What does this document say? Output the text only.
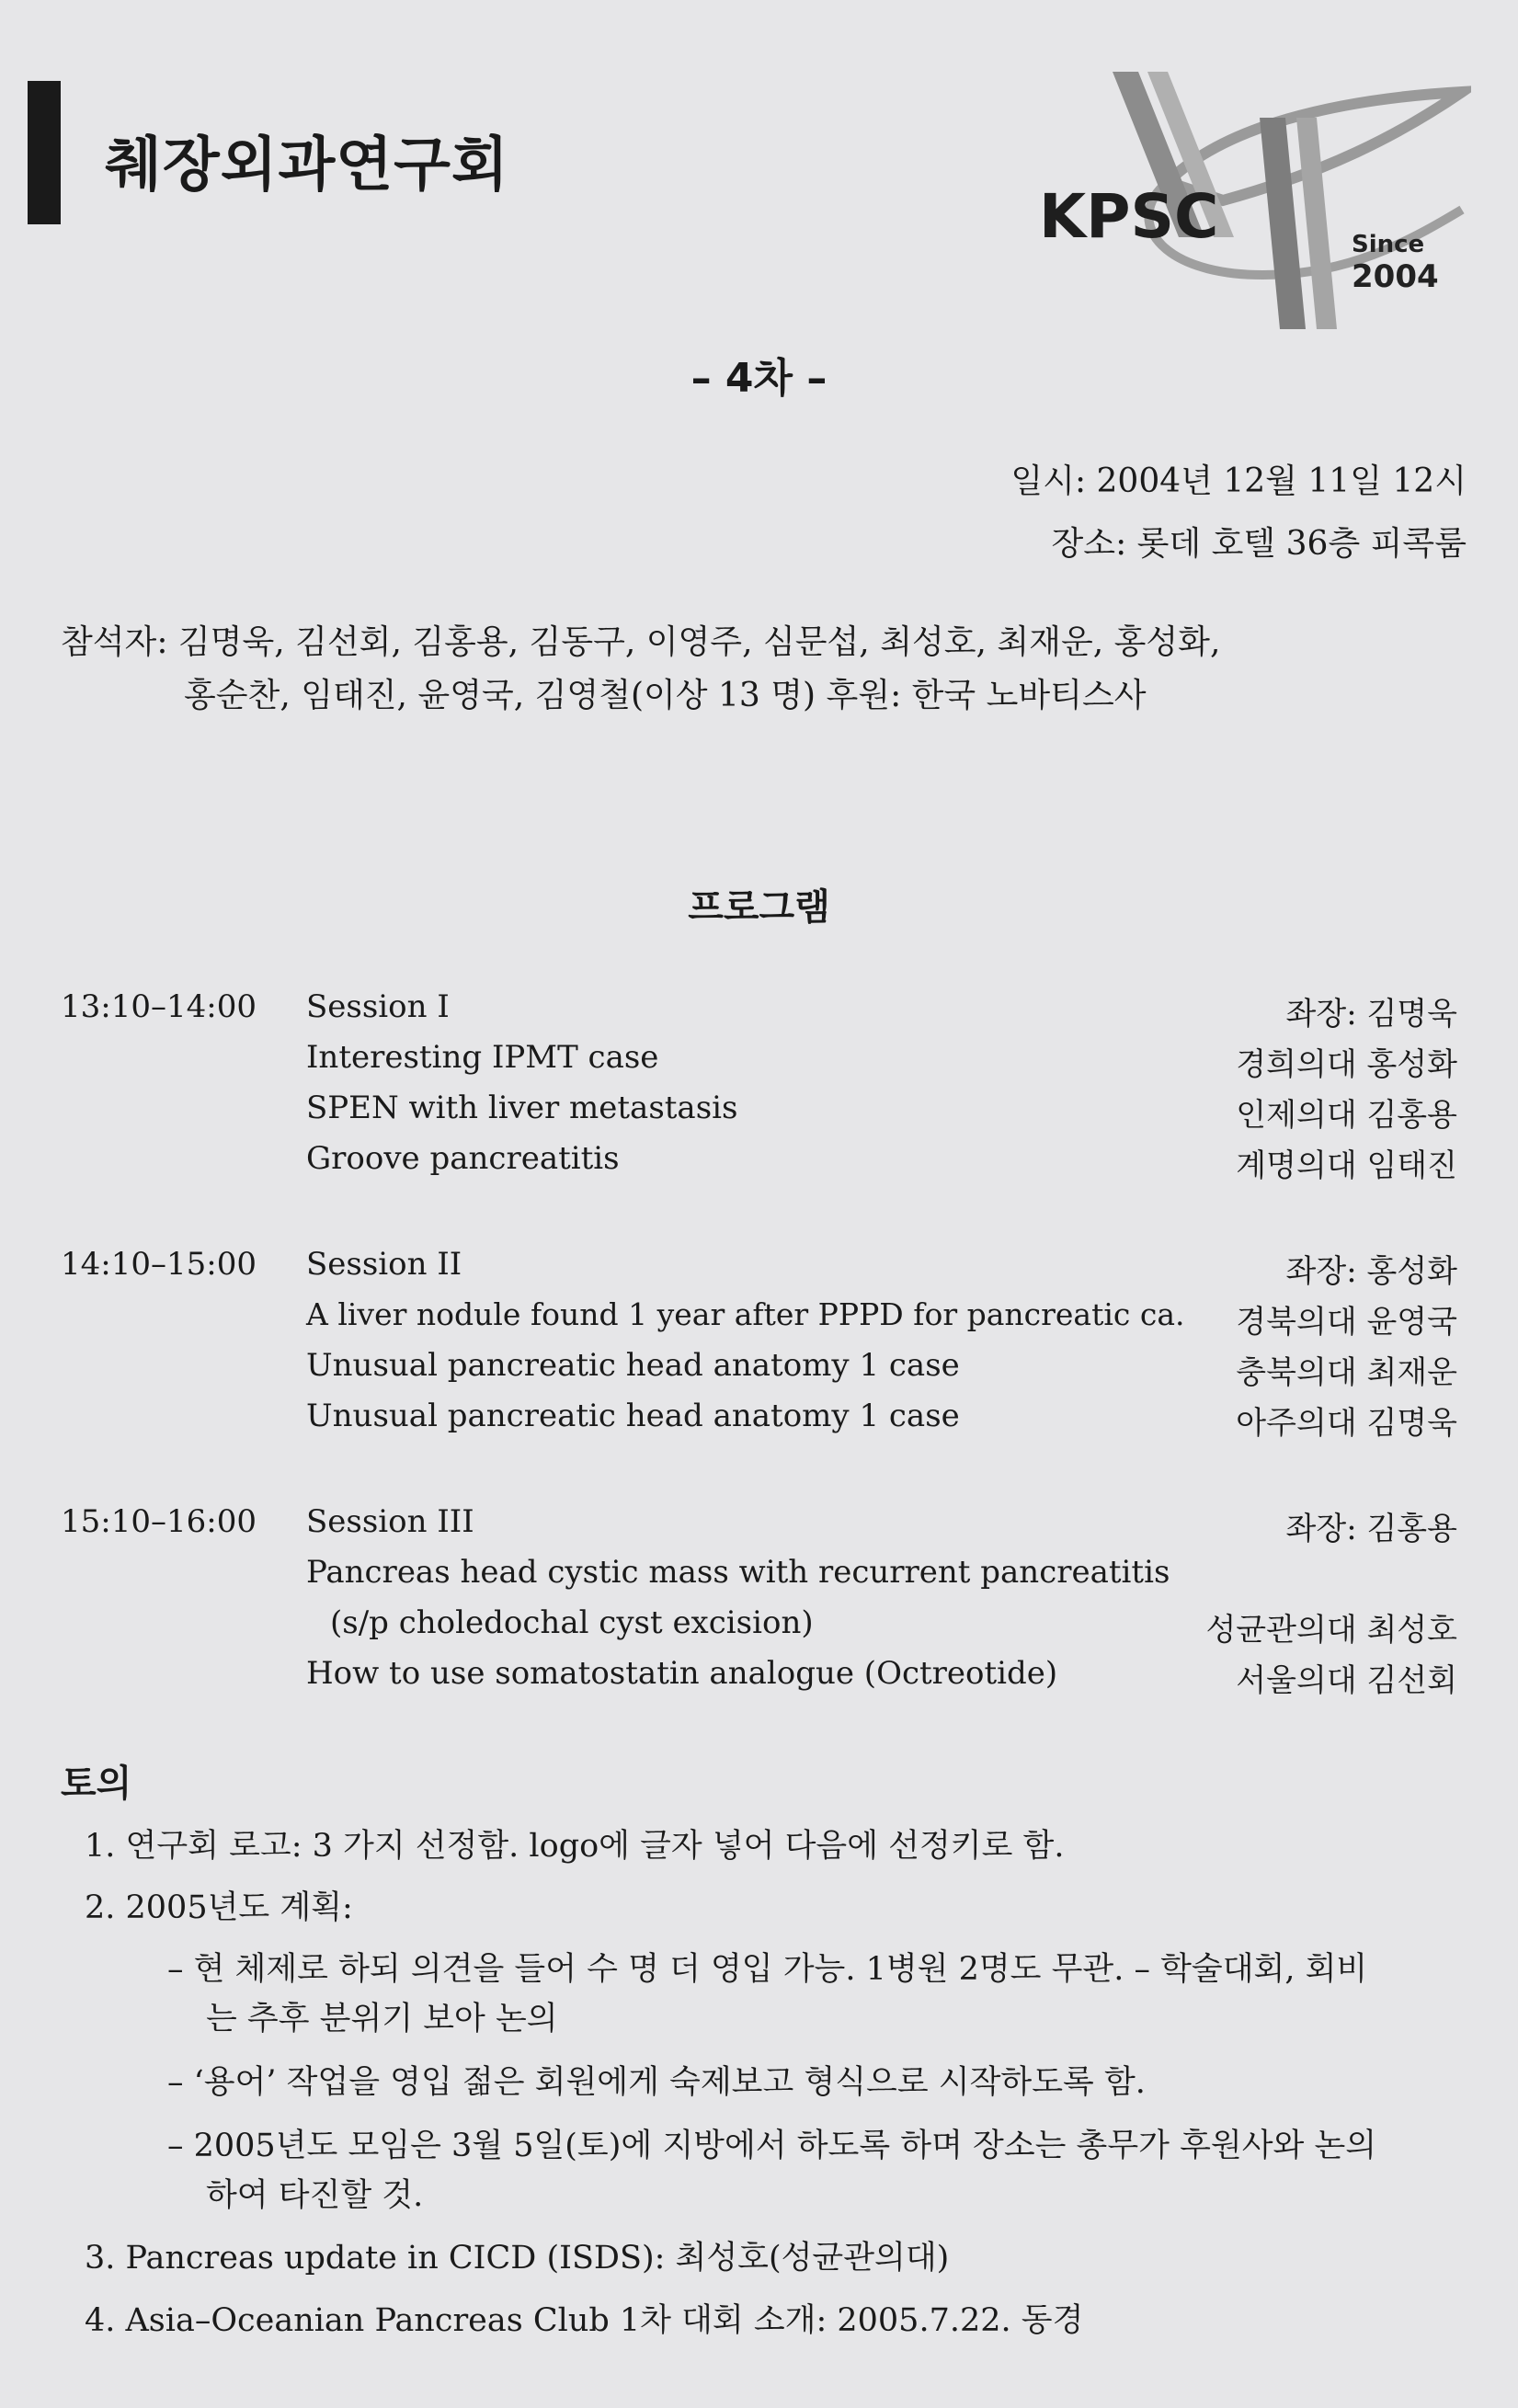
췌장외과연구회
KPSC	Since
2004
– 4차 –
일시: 2004년 12월 11일 12시
장소: 롯데 호텔 36층 피콕룸
참석자: 김명욱, 김선회, 김홍용, 김동구, 이영주, 심문섭, 최성호, 최재운, 홍성화,
홍순찬, 임태진, 윤영국, 김영철(이상 13 명) 후원: 한국 노바티스사
프로그램
13:10–14:00 Session I	좌장: 김명욱
Interesting IPMT case	경희의대 홍성화
SPEN with liver metastasis	인제의대 김홍용
Groove pancreatitis	계명의대 임태진
14:10–15:00 Session II	좌장: 홍성화
A liver nodule found 1 year after PPPD for pancreatic ca. 경북의대 윤영국
Unusual pancreatic head anatomy 1 case	충북의대 최재운
Unusual pancreatic head anatomy 1 case	아주의대 김명욱
15:10–16:00 Session III	좌장: 김홍용
Pancreas head cystic mass with recurrent pancreatitis
(s/p choledochal cyst excision)	성균관의대 최성호
How to use somatostatin analogue (Octreotide)	서울의대 김선회
토의
1. 연구회 로고: 3 가지 선정함. logo에 글자 넣어 다음에 선정키로 함.
2. 2005년도 계획:
– 현 체제로 하되 의견을 들어 수 명 더 영입 가능. 1병원 2명도 무관. – 학술대회, 회비
는 추후 분위기 보아 논의
– ‘용어’ 작업을 영입 젊은 회원에게 숙제보고 형식으로 시작하도록 함.
– 2005년도 모임은 3월 5일(토)에 지방에서 하도록 하며 장소는 총무가 후원사와 논의
하여 타진할 것.
3. Pancreas update in CICD (ISDS): 최성호(성균관의대)
4. Asia–Oceanian Pancreas Club 1차 대회 소개: 2005.7.22. 동경
